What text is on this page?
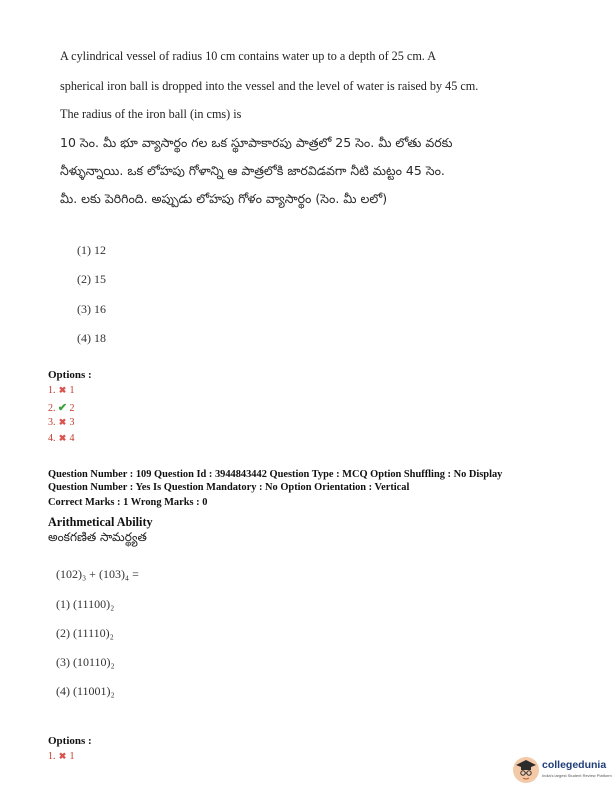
A cylindrical vessel of radius 10 cm contains water up to a depth of 25 cm. A
spherical iron ball is dropped into the vessel and the level of water is raised by 45 cm.
The radius of the iron ball (in cms) is
10 సెం. మీ భూ వ్యాసార్థం గల ఒక స్థూపాకారపు పాత్రలో 25 సెం. మీ లోతు వరకు
నీళ్ళున్నాయి. ఒక లోహపు గోళాన్ని ఆ పాత్రలోకి జారవిడవగా నీటి మట్టం 45 సెం.
మీ. లకు పెరిగింది. అప్పుడు లోహపు గోళం వ్యాసార్థం (సెం. మీ లలో)
(1) 12
(2) 15
(3) 16
(4) 18
Options :
1. ✖ 1
2. ✔ 2
3. ✖ 3
4. ✖ 4
Question Number : 109 Question Id : 3944843442 Question Type : MCQ Option Shuffling : No Display
Question Number : Yes Is Question Mandatory : No Option Orientation : Vertical
Correct Marks : 1 Wrong Marks : 0
Arithmetical Ability
అంకగణిత సామర్థ్యత
(102)₃ + (103)₄ =
(1) (11100)₂
(2) (11110)₂
(3) (10110)₂
(4) (11001)₂
Options :
1. ✖ 1
collegedunia
India's largest Student Review Platform
